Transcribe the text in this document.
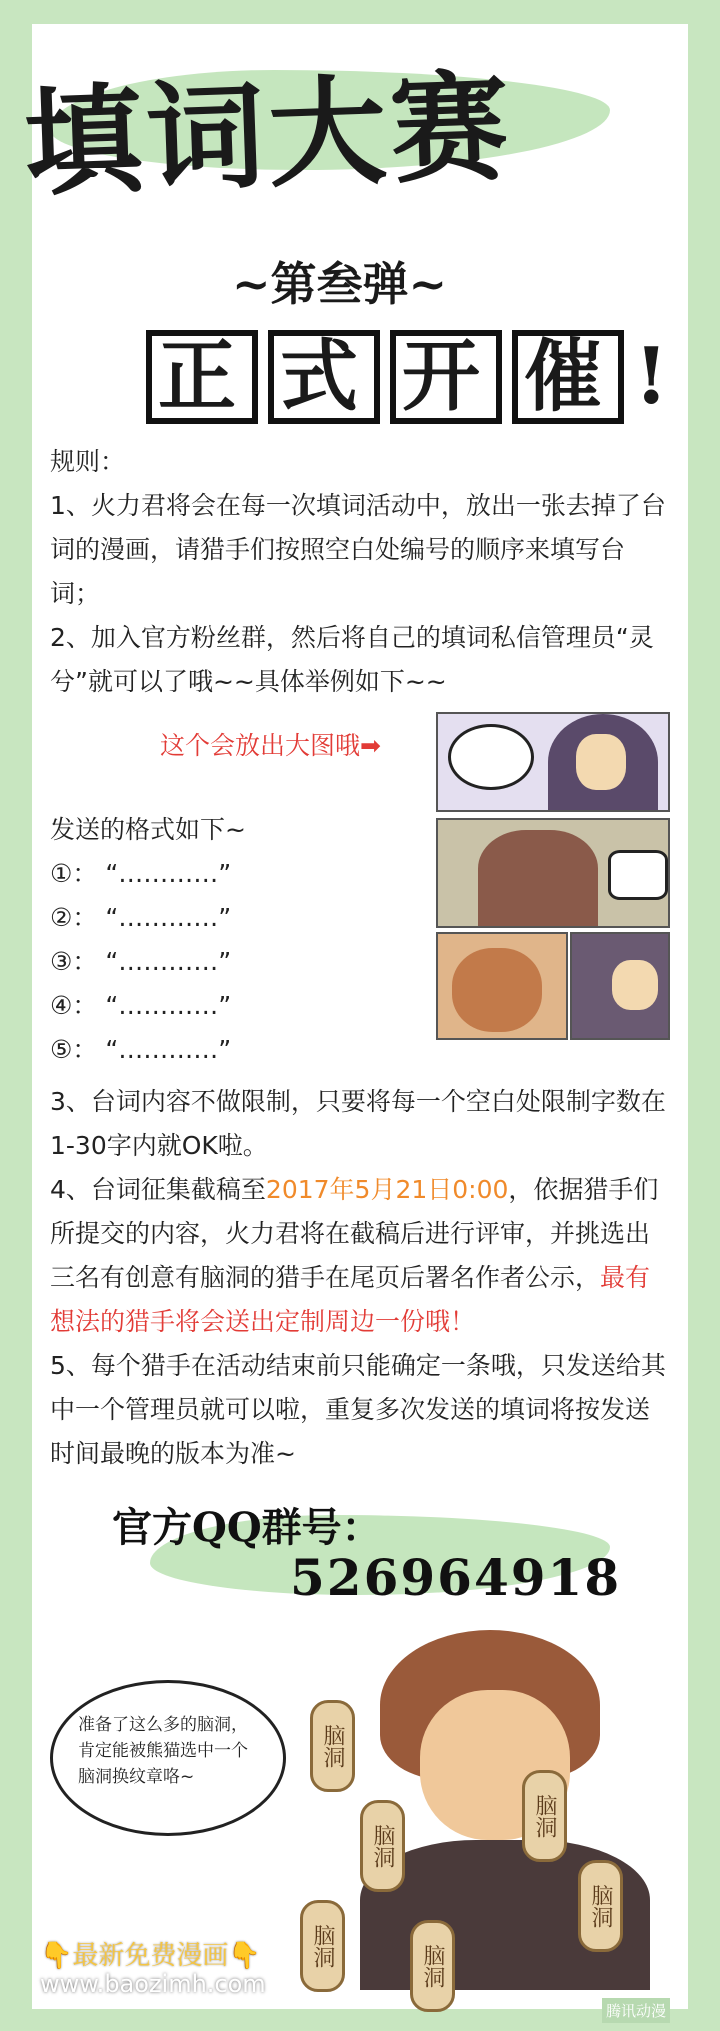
填词大赛
~第叁弹~
正 式 开 催 !
规则：
1、火力君将会在每一次填词活动中，放出一张去掉了台词的漫画，请猎手们按照空白处编号的顺序来填写台词；
2、加入官方粉丝群，然后将自己的填词私信管理员“灵兮”就可以了哦~~具体举例如下~~
这个会放出大图哦➡
发送的格式如下~
①： “…………”
②： “…………”
③： “…………”
④： “…………”
⑤： “…………”
3、台词内容不做限制，只要将每一个空白处限制字数在1-30字内就OK啦。
4、台词征集截稿至2017年5月21日0:00，依据猎手们所提交的内容，火力君将在截稿后进行评审，并挑选出三名有创意有脑洞的猎手在尾页后署名作者公示，最有想法的猎手将会送出定制周边一份哦！
5、每个猎手在活动结束前只能确定一条哦，只发送给其中一个管理员就可以啦，重复多次发送的填词将按发送时间最晚的版本为准~
官方QQ群号：
526964918
准备了这么多的脑洞，肯定能被熊猫选中一个脑洞换纹章咯~
脑洞
脑洞
脑洞
脑洞
脑洞	脑洞
👇最新免费漫画👇
www.baozimh.com
腾讯动漫
